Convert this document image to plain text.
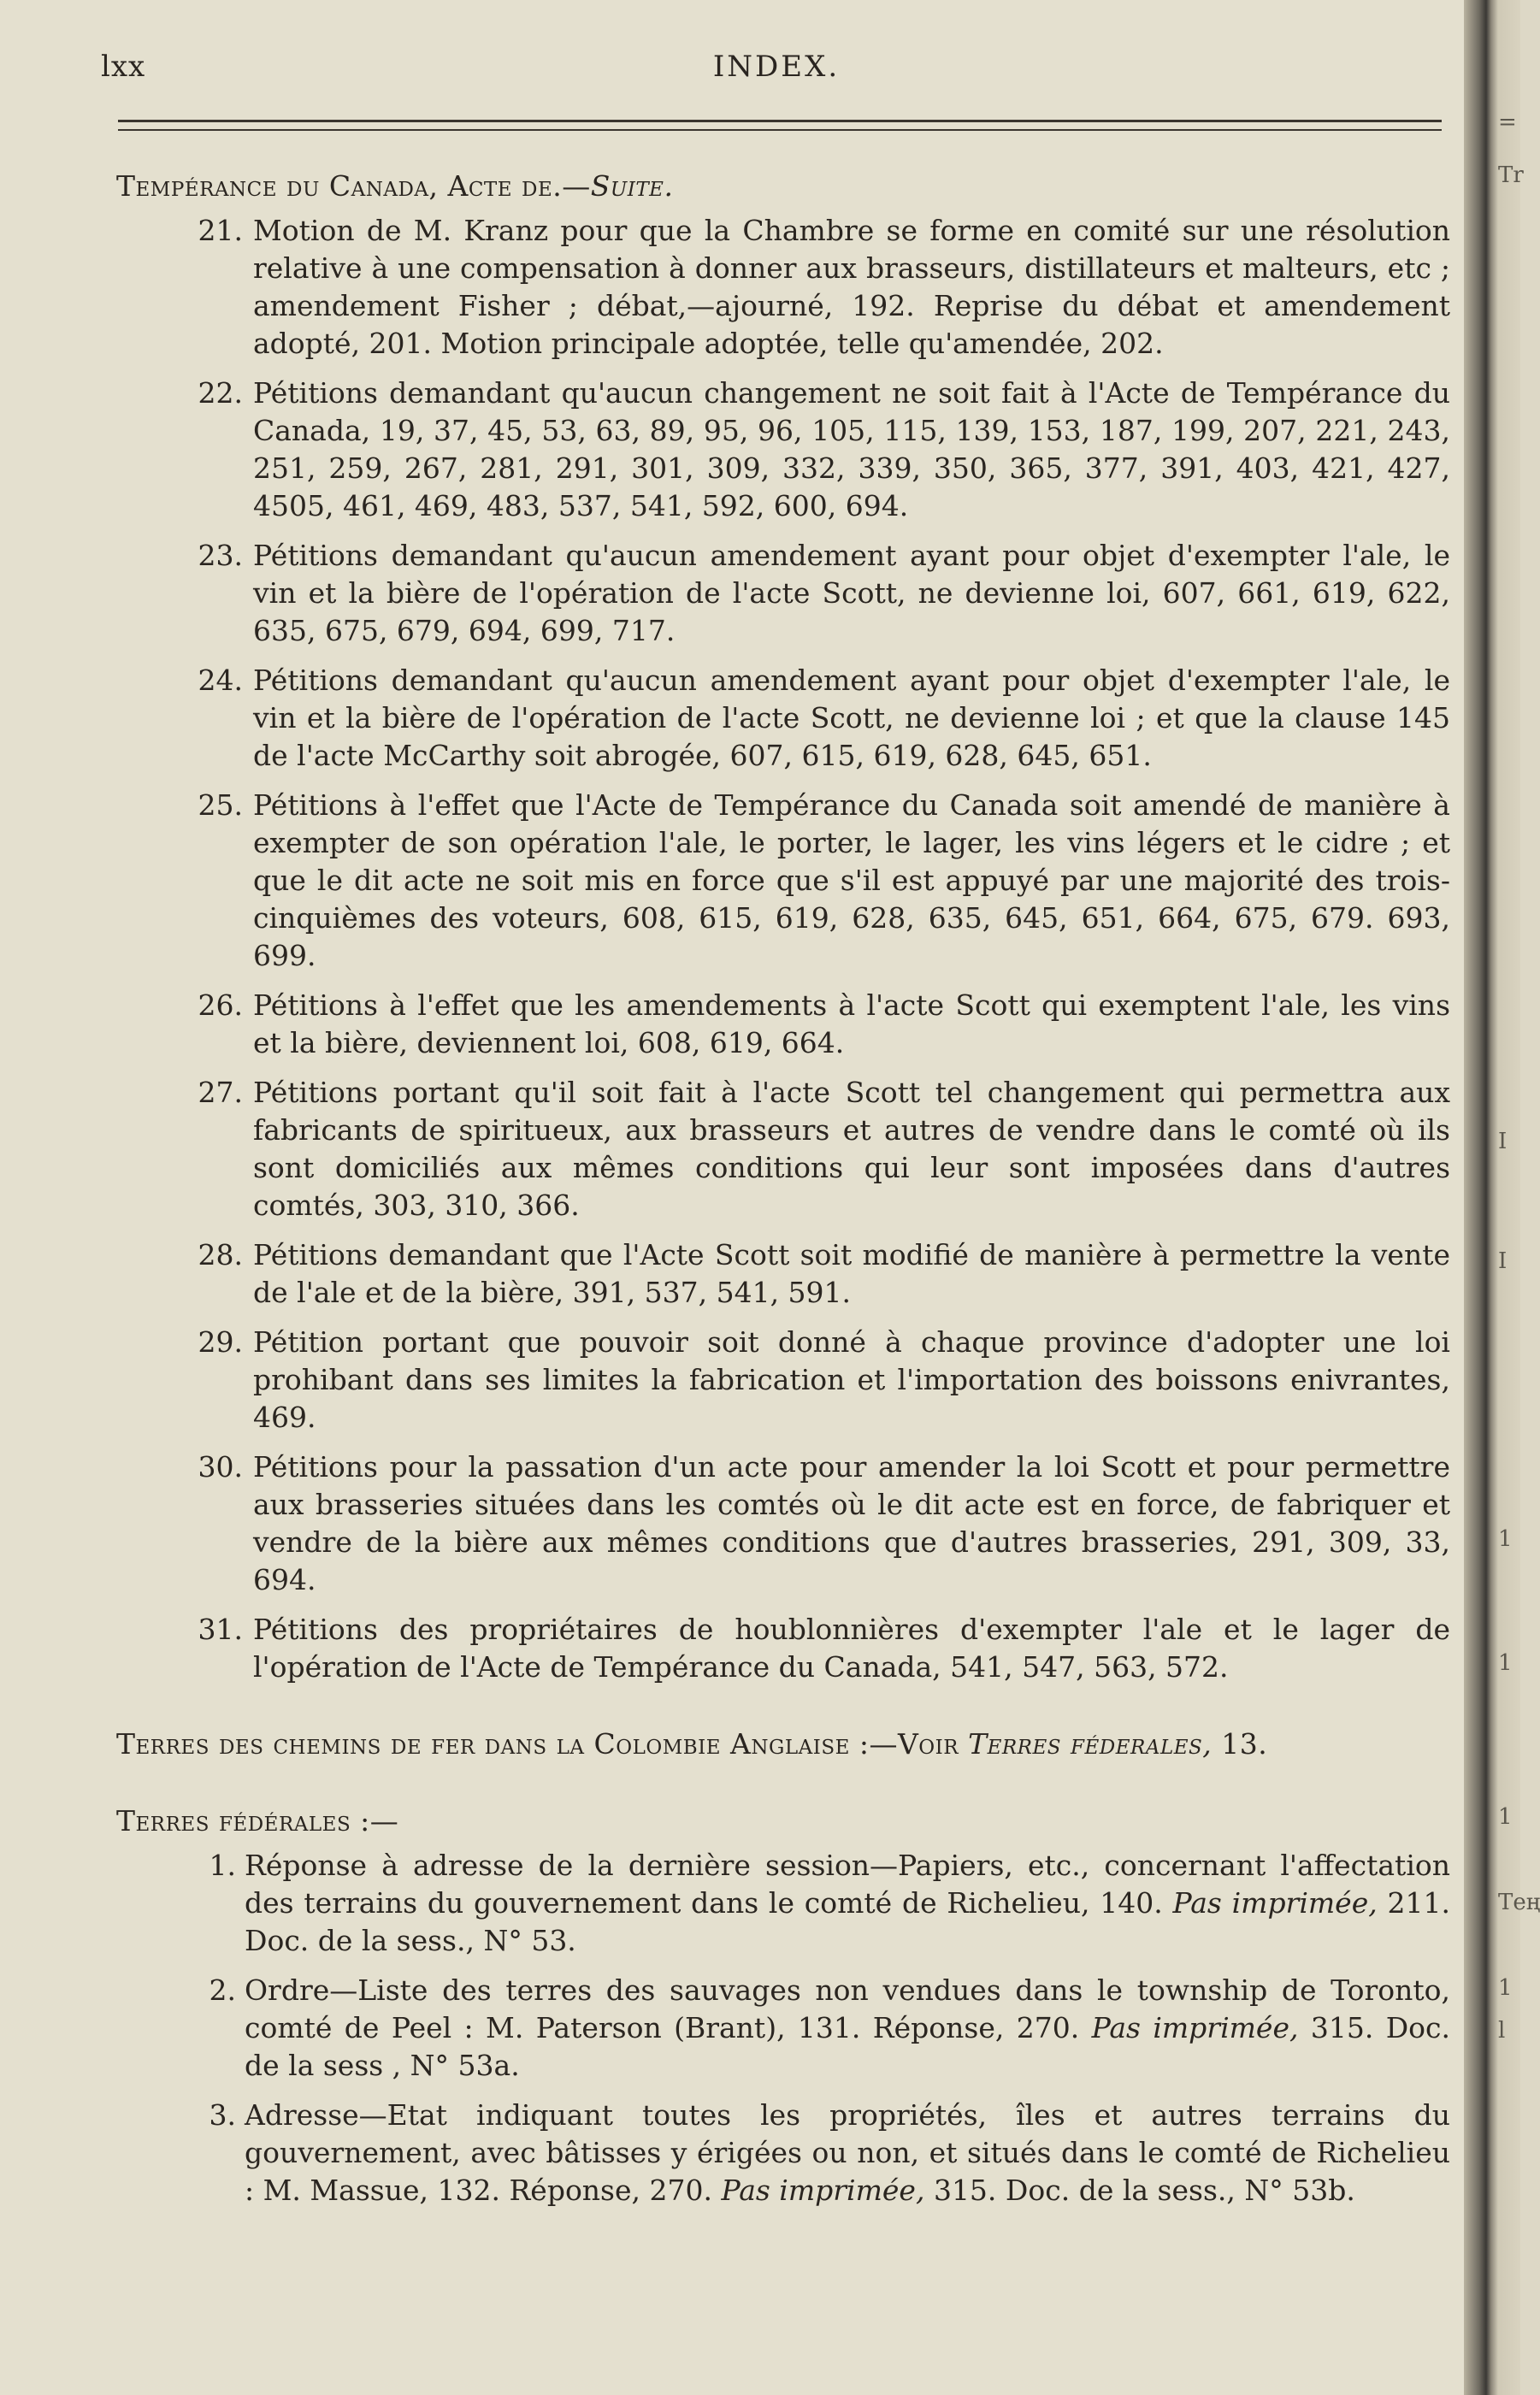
lxx	INDEX.
Tempérance du Canada, Acte de.—Suite.
21. Motion de M. Kranz pour que la Chambre se forme en comité sur une résolution relative à une compensation à donner aux brasseurs, distillateurs et malteurs, etc ; amendement Fisher ; débat,—ajourné, 192. Reprise du débat et amendement adopté, 201. Motion principale adoptée, telle qu'amendée, 202.
22. Pétitions demandant qu'aucun changement ne soit fait à l'Acte de Tempérance du Canada, 19, 37, 45, 53, 63, 89, 95, 96, 105, 115, 139, 153, 187, 199, 207, 221, 243, 251, 259, 267, 281, 291, 301, 309, 332, 339, 350, 365, 377, 391, 403, 421, 427, 4505, 461, 469, 483, 537, 541, 592, 600, 694.
23. Pétitions demandant qu'aucun amendement ayant pour objet d'exempter l'ale, le vin et la bière de l'opération de l'acte Scott, ne devienne loi, 607, 661, 619, 622, 635, 675, 679, 694, 699, 717.
24. Pétitions demandant qu'aucun amendement ayant pour objet d'exempter l'ale, le vin et la bière de l'opération de l'acte Scott, ne devienne loi ; et que la clause 145 de l'acte McCarthy soit abrogée, 607, 615, 619, 628, 645, 651.
25. Pétitions à l'effet que l'Acte de Tempérance du Canada soit amendé de manière à exempter de son opération l'ale, le porter, le lager, les vins légers et le cidre ; et que le dit acte ne soit mis en force que s'il est appuyé par une majorité des trois-cinquièmes des voteurs, 608, 615, 619, 628, 635, 645, 651, 664, 675, 679. 693, 699.
26. Pétitions à l'effet que les amendements à l'acte Scott qui exemptent l'ale, les vins et la bière, deviennent loi, 608, 619, 664.
27. Pétitions portant qu'il soit fait à l'acte Scott tel changement qui permettra aux fabricants de spiritueux, aux brasseurs et autres de vendre dans le comté où ils sont domiciliés aux mêmes conditions qui leur sont imposées dans d'autres comtés, 303, 310, 366.
28. Pétitions demandant que l'Acte Scott soit modifié de manière à permettre la vente de l'ale et de la bière, 391, 537, 541, 591.
29. Pétition portant que pouvoir soit donné à chaque province d'adopter une loi prohibant dans ses limites la fabrication et l'importation des boissons enivrantes, 469.
30. Pétitions pour la passation d'un acte pour amender la loi Scott et pour permettre aux brasseries situées dans les comtés où le dit acte est en force, de fabriquer et vendre de la bière aux mêmes conditions que d'autres brasseries, 291, 309, 33, 694.
31. Pétitions des propriétaires de houblonnières d'exempter l'ale et le lager de l'opération de l'Acte de Tempérance du Canada, 541, 547, 563, 572.
Terres des chemins de fer dans la Colombie Anglaise :—Voir Terres féderales, 13.
Terres fédérales :—
1. Réponse à adresse de la dernière session—Papiers, etc., concernant l'affectation des terrains du gouvernement dans le comté de Richelieu, 140. Pas imprimée, 211. Doc. de la sess., N° 53.
2. Ordre—Liste des terres des sauvages non vendues dans le township de Toronto, comté de Peel : M. Paterson (Brant), 131. Réponse, 270. Pas imprimée, 315. Doc. de la sess , N° 53a.
3. Adresse—Etat indiquant toutes les propriétés, îles et autres terrains du gouvernement, avec bâtisses y érigées ou non, et situés dans le comté de Richelieu : M. Massue, 132. Réponse, 270. Pas imprimée, 315. Doc. de la sess., N° 53b.
Tr
=
I
I
1
1
1
1
Тең
l
